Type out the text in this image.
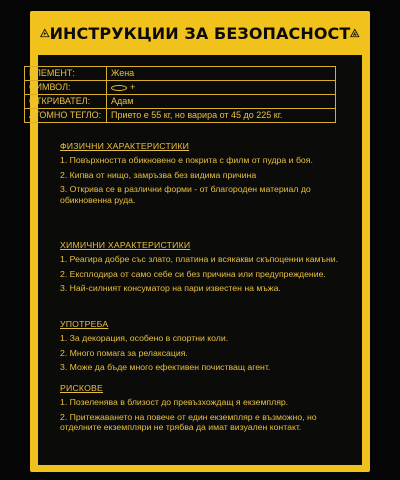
ИНСТРУКЦИИ ЗА БЕЗОПАСНОСТ
ЕЛЕМЕНТ:	Жена
СИМВОЛ:	+

ОТКРИВАТЕЛ:	Адам
АТОМНО ТЕГЛО:	Прието е 55 кг, но варира от 45 до 225 кг.
ФИЗИЧНИ ХАРАКТЕРИСТИКИ

1. Повърхността обикновено е покрита с филм от пудра и боя.

2. Кипва от нищо, замръзва без видима причина

3. Открива се в различни форми - от благороден материал до обикновенна руда.

ХИМИЧНИ ХАРАКТЕРИСТИКИ

1. Реагира добре със злато, платина и всякакви скъпоценни камъни.

2. Експлодира от само себе си без причина или предупреждение.

3. Най-силният консуматор на пари известен на мъжа.

УПОТРЕБА

1. За декорация, особено в спортни коли.

2. Много помага за релаксация.

3. Може да бъде много ефективен почистващ агент.

РИСКОВЕ

1. Позеленява в близост до превъзхождащ я екземпляр.

2. Притежаването на повече от един екземпляр е възможно, но отделните екземпляри не трябва да имат визуален контакт.
